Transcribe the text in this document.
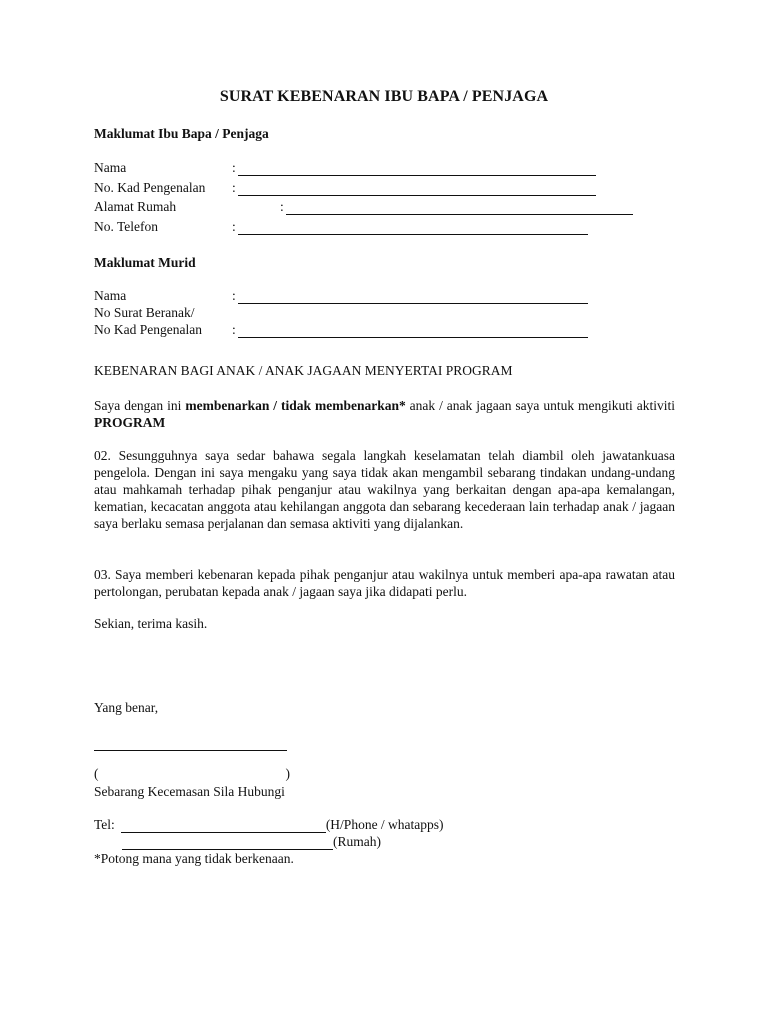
SURAT KEBENARAN IBU BAPA / PENJAGA
Maklumat Ibu Bapa / Penjaga
Nama	:
No. Kad Pengenalan :
Alamat Rumah	:
No. Telefon	:
Maklumat Murid
Nama	:
No Surat Beranak/
No Kad Pengenalan :
KEBENARAN BAGI ANAK / ANAK JAGAAN MENYERTAI PROGRAM
Saya dengan ini membenarkan / tidak membenarkan* anak / anak jagaan saya untuk mengikuti aktiviti PROGRAM
02. Sesungguhnya saya sedar bahawa segala langkah keselamatan telah diambil oleh jawatankuasa pengelola. Dengan ini saya mengaku yang saya tidak akan mengambil sebarang tindakan undang-undang atau mahkamah terhadap pihak penganjur atau wakilnya yang berkaitan dengan apa-apa kemalangan, kematian, kecacatan anggota atau kehilangan anggota dan sebarang kecederaan lain terhadap anak / jagaan saya berlaku semasa perjalanan dan semasa aktiviti yang dijalankan.
03. Saya memberi kebenaran kepada pihak penganjur atau wakilnya untuk memberi apa-apa rawatan atau pertolongan, perubatan kepada anak / jagaan saya jika didapati perlu.
Sekian, terima kasih.
Yang benar,
(	)
Sebarang Kecemasan Sila Hubungi
Tel:	(H/Phone / whatapps)
(Rumah)
*Potong mana yang tidak berkenaan.
